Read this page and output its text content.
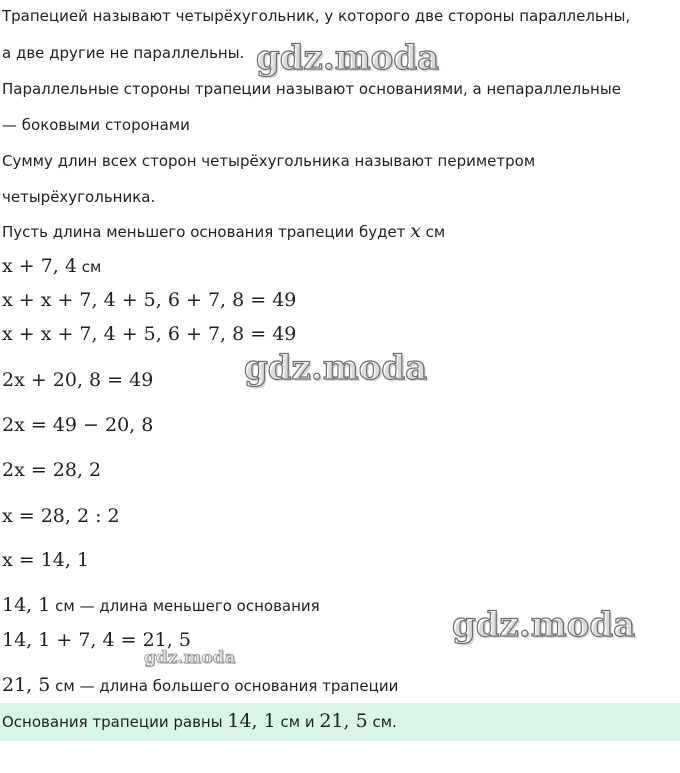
Трапецией называют четырёхугольник, у которого две стороны параллельны,
а две другие не параллельны.
Параллельные стороны трапеции называют основаниями, а непараллельные
— боковыми сторонами
Сумму длин всех сторон четырёхугольника называют периметром
четырёхугольника.
Пусть длина меньшего основания трапеции будет x см
x + 7, 4 см
x + x + 7, 4 + 5, 6 + 7, 8 = 49
x + x + 7, 4 + 5, 6 + 7, 8 = 49
2x + 20, 8 = 49
2x = 49 − 20, 8
2x = 28, 2
x = 28, 2 : 2
x = 14, 1
14, 1 см — длина меньшего основания
14, 1 + 7, 4 = 21, 5
21, 5 см — длина большего основания трапеции
Основания трапеции равны 14, 1 см и 21, 5 см.
gdz.moda
gdz.moda
gdz.moda
gdz.moda
